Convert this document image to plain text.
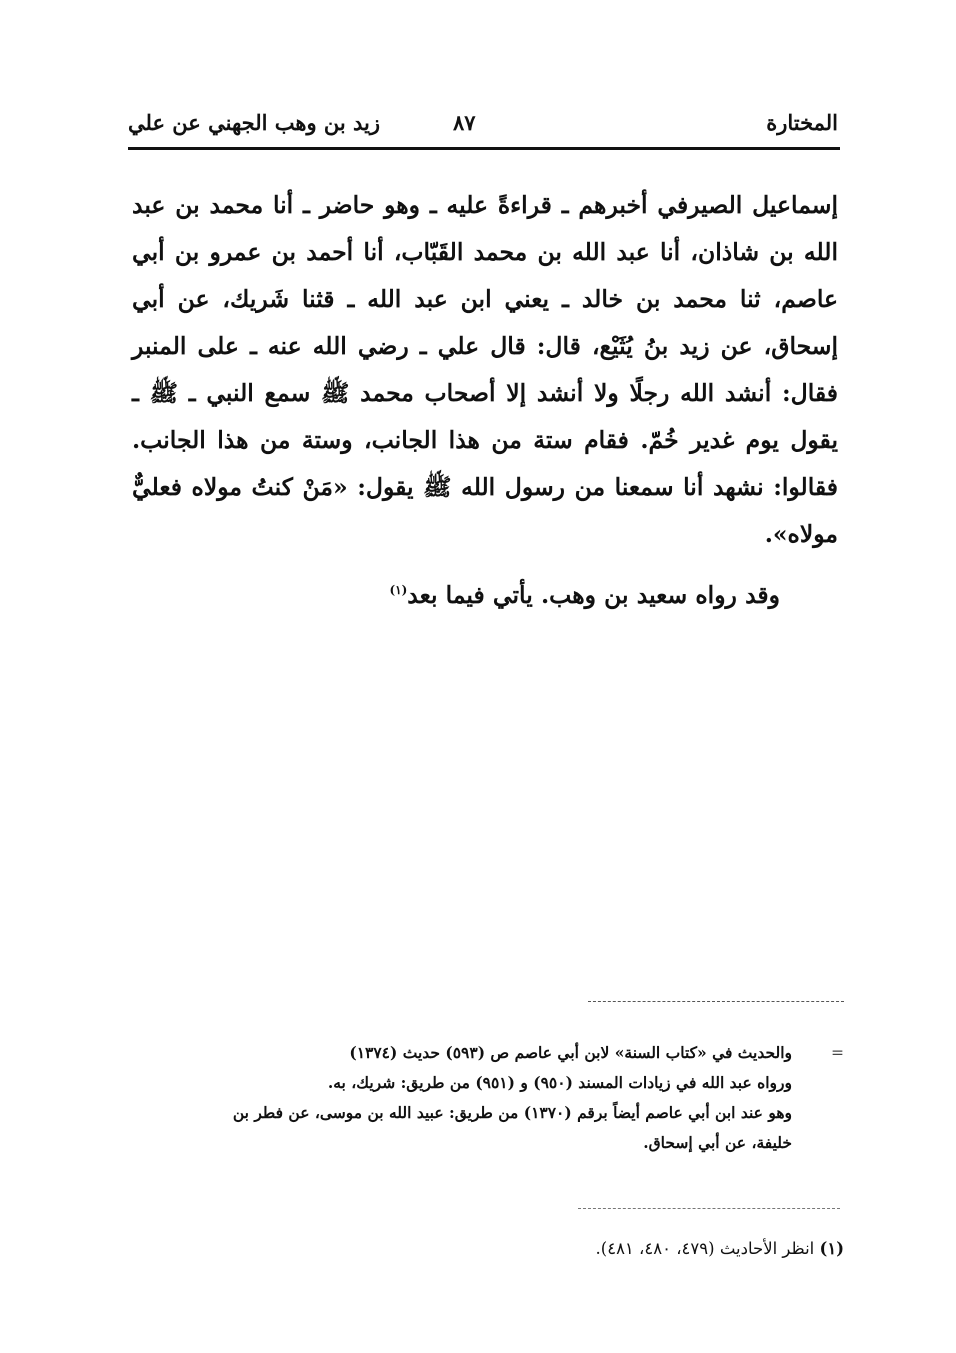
المختارة
٨٧
زيد بن وهب الجهني عن علي

إسماعيل الصيرفي أخبرهم ـ قراءةً عليه ـ وهو حاضر ـ أنا محمد بن عبد الله بن شاذان، أنا عبد الله بن محمد القَبّاب، أنا أحمد بن عمرو بن أبي عاصم، ثنا محمد بن خالد ـ يعني ابن عبد الله ـ قثنا شَريك، عن أبي إسحاق، عن زيد بنُ يُثَيْع، قال: قال علي ـ رضي الله عنه ـ على المنبر فقال: أنشد الله رجلًا ولا أنشد إلا أصحاب محمد ﷺ سمع النبي ـ ﷺ ـ يقول يوم غدير خُمّ. فقام ستة من هذا الجانب، وستة من هذا الجانب. فقالوا: نشهد أنا سمعنا من رسول الله ﷺ يقول: «مَنْ كنتُ مولاه فعليٌّ مولاه».

وقد رواه سعيد بن وهب. يأتي فيما بعد$^{(١)}$

=
والحديث في «كتاب السنة» لابن أبي عاصم ص (٥٩٣) حديث (١٣٧٤)
ورواه عبد الله في زيادات المسند (٩٥٠) و (٩٥١) من طريق: شريك، به.
وهو عند ابن أبي عاصم أيضاً برقم (١٣٧٠) من طريق: عبيد الله بن موسى، عن فطر بن
خليفة، عن أبي إسحاق.
(١) انظر الأحاديث (٤٧٩، ٤٨٠، ٤٨١).
